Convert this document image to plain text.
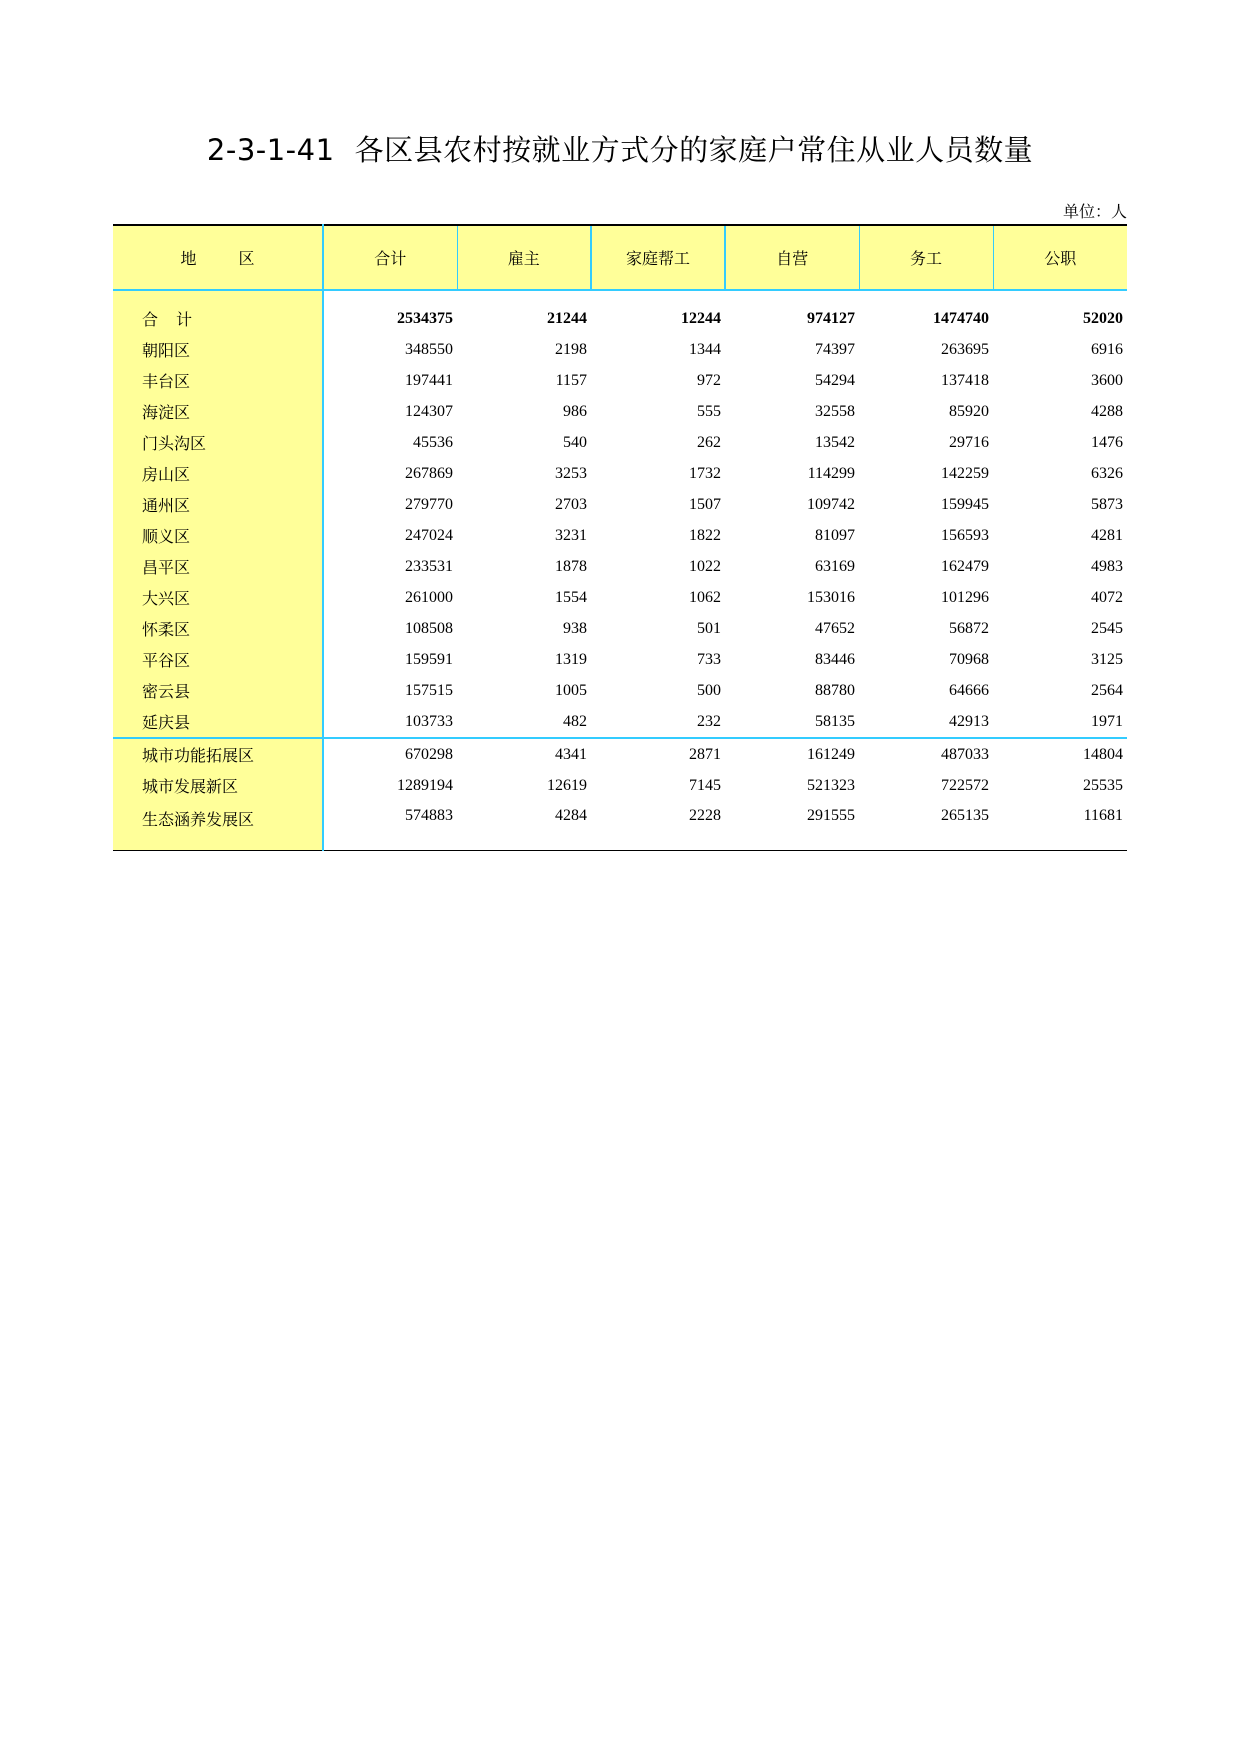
2-3-1-41 各区县农村按就业方式分的家庭户常住从业人员数量
单位：人
地 区	合计	雇主	家庭帮工	自营	务工	公职
合 计	2534375	21244	12244	974127	1474740	52020
朝阳区	348550	2198	1344	74397	263695	6916
丰台区	197441	1157	972	54294	137418	3600
海淀区	124307	986	555	32558	85920	4288
门头沟区	45536	540	262	13542	29716	1476
房山区	267869	3253	1732	114299	142259	6326
通州区	279770	2703	1507	109742	159945	5873
顺义区	247024	3231	1822	81097	156593	4281
昌平区	233531	1878	1022	63169	162479	4983
大兴区	261000	1554	1062	153016	101296	4072
怀柔区	108508	938	501	47652	56872	2545
平谷区	159591	1319	733	83446	70968	3125
密云县	157515	1005	500	88780	64666	2564
延庆县	103733	482	232	58135	42913	1971
城市功能拓展区	670298	4341	2871	161249	487033	14804
城市发展新区	1289194	12619	7145	521323	722572	25535
生态涵养发展区	574883	4284	2228	291555	265135	11681
